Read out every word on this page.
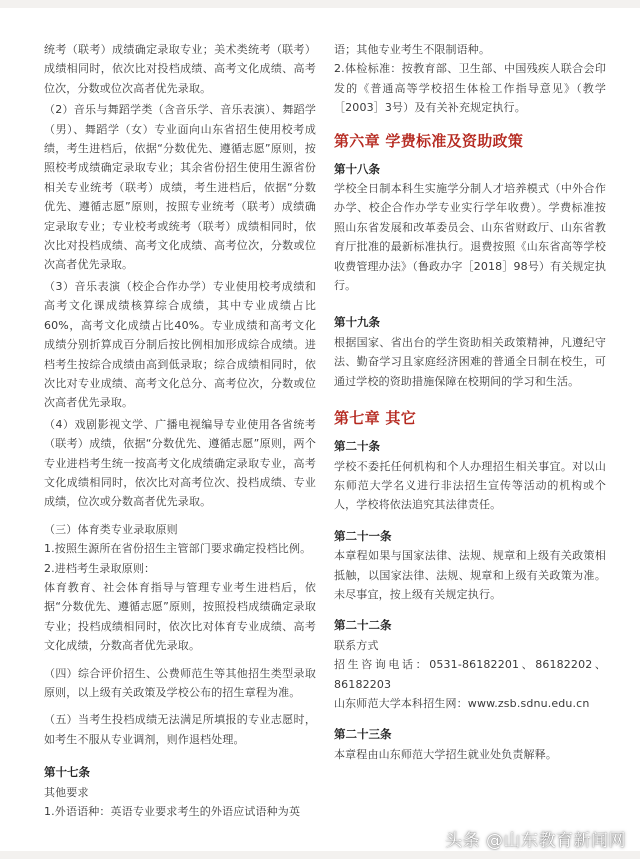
统考（联考）成绩确定录取专业；美术类统考（联考）成绩相同时，依次比对投档成绩、高考文化成绩、高考位次，分数或位次高者优先录取。

（2）音乐与舞蹈学类（含音乐学、音乐表演）、舞蹈学（男）、舞蹈学（女）专业面向山东省招生使用校考成绩，考生进档后，依据“分数优先、遵循志愿”原则，按照校考成绩确定录取专业；其余省份招生使用生源省份相关专业统考（联考）成绩，考生进档后，依据“分数优先、遵循志愿”原则，按照专业统考（联考）成绩确定录取专业；专业校考或统考（联考）成绩相同时，依次比对投档成绩、高考文化成绩、高考位次，分数或位次高者优先录取。

（3）音乐表演（校企合作办学）专业使用校考成绩和高考文化课成绩核算综合成绩，其中专业成绩占比60%，高考文化成绩占比40%。专业成绩和高考文化成绩分别折算成百分制后按比例相加形成综合成绩。进档考生按综合成绩由高到低录取；综合成绩相同时，依次比对专业成绩、高考文化总分、高考位次，分数或位次高者优先录取。

（4）戏剧影视文学、广播电视编导专业使用各省统考（联考）成绩，依据“分数优先、遵循志愿”原则，两个专业进档考生统一按高考文化成绩确定录取专业，高考文化成绩相同时，依次比对高考位次、投档成绩、专业成绩，位次或分数高者优先录取。

（三）体育类专业录取原则

1.按照生源所在省份招生主管部门要求确定投档比例。

2.进档考生录取原则：

体育教育、社会体育指导与管理专业考生进档后，依据“分数优先、遵循志愿”原则，按照投档成绩确定录取专业；投档成绩相同时，依次比对体育专业成绩、高考文化成绩，分数高者优先录取。

（四）综合评价招生、公费师范生等其他招生类型录取原则，以上级有关政策及学校公布的招生章程为准。

（五）当考生投档成绩无法满足所填报的专业志愿时，如考生不服从专业调剂，则作退档处理。

第十七条

其他要求

1.外语语种：英语专业要求考生的外语应试语种为英

语；其他专业考生不限制语种。

2.体检标准：按教育部、卫生部、中国残疾人联合会印发的《普通高等学校招生体检工作指导意见》（教学［2003］3号）及有关补充规定执行。

第六章 学费标准及资助政策

第十八条

学校全日制本科生实施学分制人才培养模式（中外合作办学、校企合作办学专业实行学年收费）。学费标准按照山东省发展和改革委员会、山东省财政厅、山东省教育厅批准的最新标准执行。退费按照《山东省高等学校收费管理办法》（鲁政办字［2018］98号）有关规定执行。

第十九条

根据国家、省出台的学生资助相关政策精神，凡遵纪守法、勤奋学习且家庭经济困难的普通全日制在校生，可通过学校的资助措施保障在校期间的学习和生活。

第七章 其它

第二十条

学校不委托任何机构和个人办理招生相关事宜。对以山东师范大学名义进行非法招生宣传等活动的机构或个人，学校将依法追究其法律责任。

第二十一条

本章程如果与国家法律、法规、规章和上级有关政策相抵触，以国家法律、法规、规章和上级有关政策为准。未尽事宜，按上级有关规定执行。

第二十二条

联系方式

招生咨询电话：0531-86182201、86182202、86182203

山东师范大学本科招生网：www.zsb.sdnu.edu.cn

第二十三条

本章程由山东师范大学招生就业处负责解释。

头条 @山东教育新闻网
